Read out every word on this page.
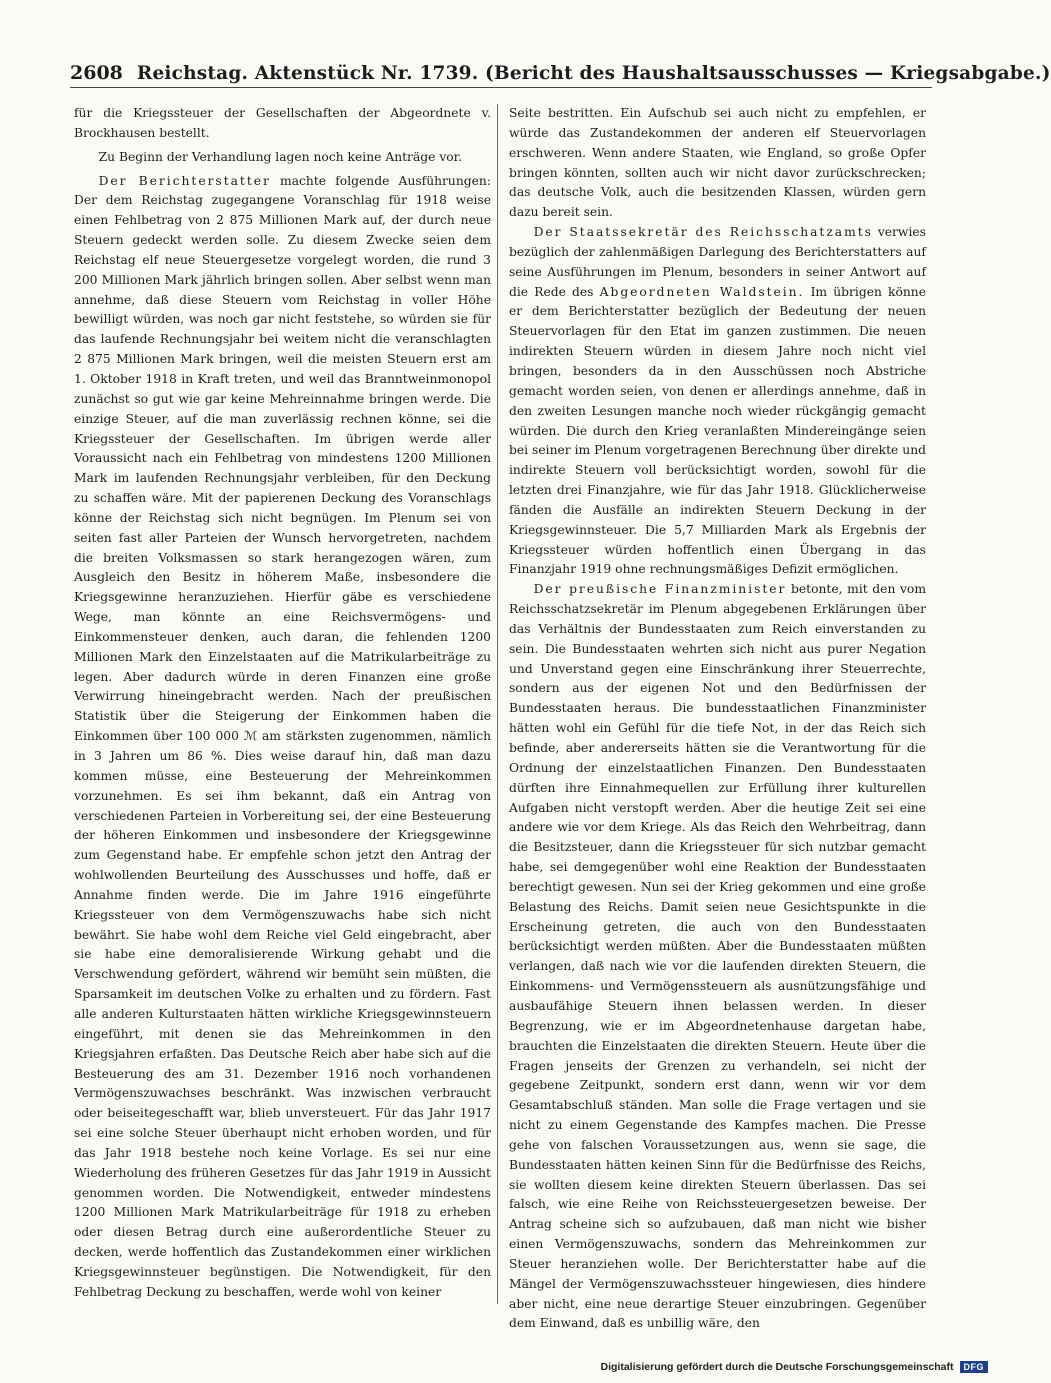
2608 Reichstag. Aktenstück Nr. 1739. (Bericht des Haushaltsausschusses — Kriegsabgabe.)

für die Kriegssteuer der Gesellschaften der Abgeordnete v. Brockhausen bestellt.

Zu Beginn der Verhandlung lagen noch keine Anträge vor.

Der Berichterstatter machte folgende Ausführungen: Der dem Reichstag zugegangene Voranschlag für 1918 weise einen Fehlbetrag von 2 875 Millionen Mark auf, der durch neue Steuern gedeckt werden solle. Zu diesem Zwecke seien dem Reichstag elf neue Steuergesetze vorgelegt worden, die rund 3 200 Millionen Mark jährlich bringen sollen. Aber selbst wenn man annehme, daß diese Steuern vom Reichstag in voller Höhe bewilligt würden, was noch gar nicht feststehe, so würden sie für das laufende Rechnungsjahr bei weitem nicht die veranschlagten 2 875 Millionen Mark bringen, weil die meisten Steuern erst am 1. Oktober 1918 in Kraft treten, und weil das Branntweinmonopol zunächst so gut wie gar keine Mehreinnahme bringen werde. Die einzige Steuer, auf die man zuverlässig rechnen könne, sei die Kriegssteuer der Gesellschaften. Im übrigen werde aller Voraussicht nach ein Fehlbetrag von mindestens 1200 Millionen Mark im laufenden Rechnungsjahr verbleiben, für den Deckung zu schaffen wäre. Mit der papierenen Deckung des Voranschlags könne der Reichstag sich nicht begnügen. Im Plenum sei von seiten fast aller Parteien der Wunsch hervorgetreten, nachdem die breiten Volksmassen so stark herangezogen wären, zum Ausgleich den Besitz in höherem Maße, insbesondere die Kriegsgewinne heranzuziehen. Hierfür gäbe es verschiedene Wege, man könnte an eine Reichsvermögens- und Einkommensteuer denken, auch daran, die fehlenden 1200 Millionen Mark den Einzelstaaten auf die Matrikularbeiträge zu legen. Aber dadurch würde in deren Finanzen eine große Verwirrung hineingebracht werden. Nach der preußischen Statistik über die Steigerung der Einkommen haben die Einkommen über 100 000 ℳ am stärksten zugenommen, nämlich in 3 Jahren um 86 %. Dies weise darauf hin, daß man dazu kommen müsse, eine Besteuerung der Mehreinkommen vorzunehmen. Es sei ihm bekannt, daß ein Antrag von verschiedenen Parteien in Vorbereitung sei, der eine Besteuerung der höheren Einkommen und insbesondere der Kriegsgewinne zum Gegenstand habe. Er empfehle schon jetzt den Antrag der wohlwollenden Beurteilung des Ausschusses und hoffe, daß er Annahme finden werde. Die im Jahre 1916 eingeführte Kriegssteuer von dem Vermögenszuwachs habe sich nicht bewährt. Sie habe wohl dem Reiche viel Geld eingebracht, aber sie habe eine demoralisierende Wirkung gehabt und die Verschwendung gefördert, während wir bemüht sein müßten, die Sparsamkeit im deutschen Volke zu erhalten und zu fördern. Fast alle anderen Kulturstaaten hätten wirkliche Kriegsgewinnsteuern eingeführt, mit denen sie das Mehreinkommen in den Kriegsjahren erfaßten. Das Deutsche Reich aber habe sich auf die Besteuerung des am 31. Dezember 1916 noch vorhandenen Vermögenszuwachses beschränkt. Was inzwischen verbraucht oder beiseitegeschafft war, blieb unversteuert. Für das Jahr 1917 sei eine solche Steuer überhaupt nicht erhoben worden, und für das Jahr 1918 bestehe noch keine Vorlage. Es sei nur eine Wiederholung des früheren Gesetzes für das Jahr 1919 in Aussicht genommen worden. Die Notwendigkeit, entweder mindestens 1200 Millionen Mark Matrikularbeiträge für 1918 zu erheben oder diesen Betrag durch eine außerordentliche Steuer zu decken, werde hoffentlich das Zustandekommen einer wirklichen Kriegsgewinnsteuer begünstigen. Die Notwendigkeit, für den Fehlbetrag Deckung zu beschaffen, werde wohl von keiner

Seite bestritten. Ein Aufschub sei auch nicht zu empfehlen, er würde das Zustandekommen der anderen elf Steuervorlagen erschweren. Wenn andere Staaten, wie England, so große Opfer bringen könnten, sollten auch wir nicht davor zurückschrecken; das deutsche Volk, auch die besitzenden Klassen, würden gern dazu bereit sein.

Der Staatssekretär des Reichsschatzamts verwies bezüglich der zahlenmäßigen Darlegung des Berichterstatters auf seine Ausführungen im Plenum, besonders in seiner Antwort auf die Rede des Abgeordneten Waldstein. Im übrigen könne er dem Berichterstatter bezüglich der Bedeutung der neuen Steuervorlagen für den Etat im ganzen zustimmen. Die neuen indirekten Steuern würden in diesem Jahre noch nicht viel bringen, besonders da in den Ausschüssen noch Abstriche gemacht worden seien, von denen er allerdings annehme, daß in den zweiten Lesungen manche noch wieder rückgängig gemacht würden. Die durch den Krieg veranlaßten Mindereingänge seien bei seiner im Plenum vorgetragenen Berechnung über direkte und indirekte Steuern voll berücksichtigt worden, sowohl für die letzten drei Finanzjahre, wie für das Jahr 1918. Glücklicherweise fänden die Ausfälle an indirekten Steuern Deckung in der Kriegsgewinnsteuer. Die 5,7 Milliarden Mark als Ergebnis der Kriegssteuer würden hoffentlich einen Übergang in das Finanzjahr 1919 ohne rechnungsmäßiges Defizit ermöglichen.

Der preußische Finanzminister betonte, mit den vom Reichsschatzsekretär im Plenum abgegebenen Erklärungen über das Verhältnis der Bundesstaaten zum Reich einverstanden zu sein. Die Bundesstaaten wehrten sich nicht aus purer Negation und Unverstand gegen eine Einschränkung ihrer Steuerrechte, sondern aus der eigenen Not und den Bedürfnissen der Bundesstaaten heraus. Die bundesstaatlichen Finanzminister hätten wohl ein Gefühl für die tiefe Not, in der das Reich sich befinde, aber andererseits hätten sie die Verantwortung für die Ordnung der einzelstaatlichen Finanzen. Den Bundesstaaten dürften ihre Einnahmequellen zur Erfüllung ihrer kulturellen Aufgaben nicht verstopft werden. Aber die heutige Zeit sei eine andere wie vor dem Kriege. Als das Reich den Wehrbeitrag, dann die Besitzsteuer, dann die Kriegssteuer für sich nutzbar gemacht habe, sei demgegenüber wohl eine Reaktion der Bundesstaaten berechtigt gewesen. Nun sei der Krieg gekommen und eine große Belastung des Reichs. Damit seien neue Gesichtspunkte in die Erscheinung getreten, die auch von den Bundesstaaten berücksichtigt werden müßten. Aber die Bundesstaaten müßten verlangen, daß nach wie vor die laufenden direkten Steuern, die Einkommens- und Vermögenssteuern als ausnützungsfähige und ausbaufähige Steuern ihnen belassen werden. In dieser Begrenzung, wie er im Abgeordnetenhause dargetan habe, brauchten die Einzelstaaten die direkten Steuern. Heute über die Fragen jenseits der Grenzen zu verhandeln, sei nicht der gegebene Zeitpunkt, sondern erst dann, wenn wir vor dem Gesamtabschluß ständen. Man solle die Frage vertagen und sie nicht zu einem Gegenstande des Kampfes machen. Die Presse gehe von falschen Voraussetzungen aus, wenn sie sage, die Bundesstaaten hätten keinen Sinn für die Bedürfnisse des Reichs, sie wollten diesem keine direkten Steuern überlassen. Das sei falsch, wie eine Reihe von Reichssteuergesetzen beweise. Der Antrag scheine sich so aufzubauen, daß man nicht wie bisher einen Vermögenszuwachs, sondern das Mehreinkommen zur Steuer heranziehen wolle. Der Berichterstatter habe auf die Mängel der Vermögenszuwachssteuer hingewiesen, dies hindere aber nicht, eine neue derartige Steuer einzubringen. Gegenüber dem Einwand, daß es unbillig wäre, den

Digitalisierung gefördert durch die Deutsche Forschungsgemeinschaft	DFG
